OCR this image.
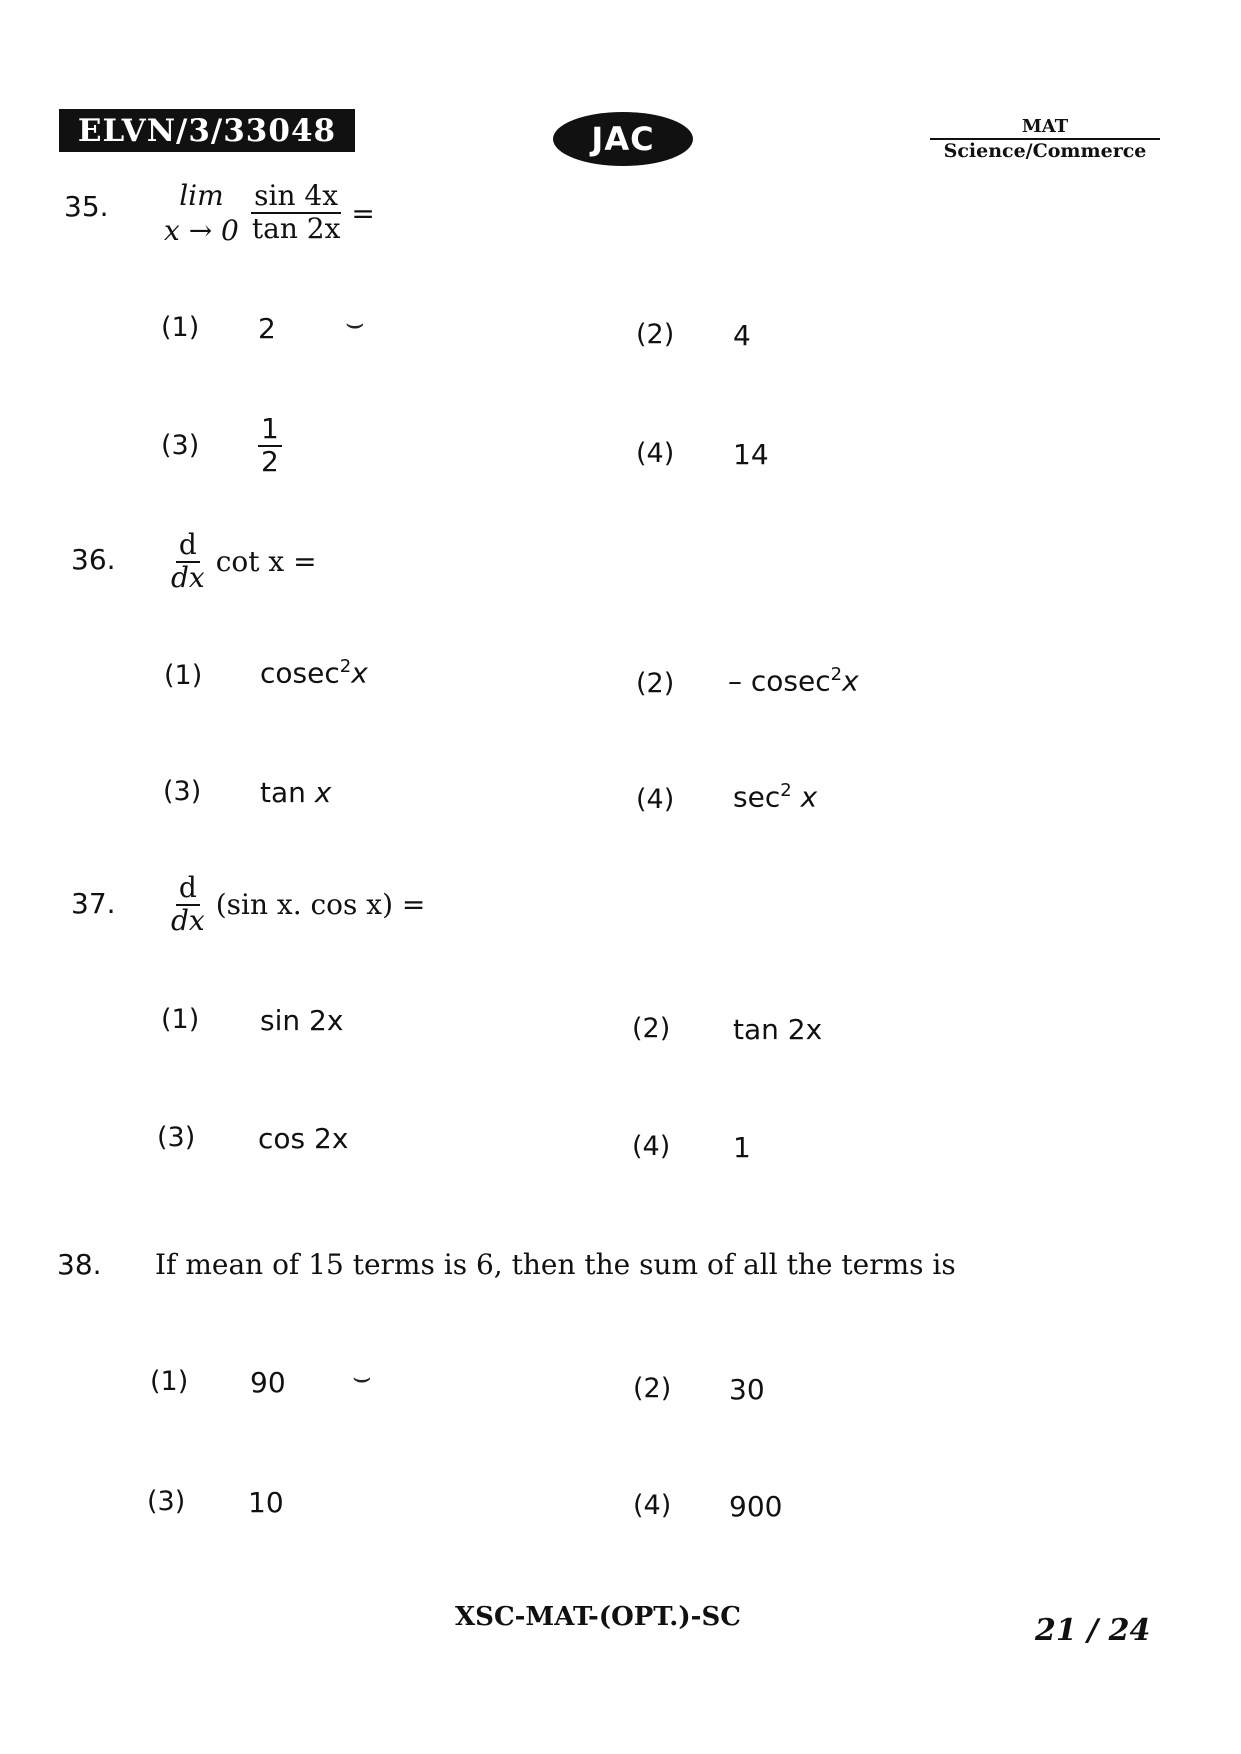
ELVN/3/33048	JAC	MAT
Science/Commerce
35.	lim
$x \to 0 \frac{\sin 4x}{\tan 2x}$ =
(1) 2 ⌣	(2) 4
$(3) \frac{1}{2}$	(4) 14
36. $\frac{d}{dx}$ cot x =
(1) cosec$^2$x	(2) – cosec$^2$x
(3) tan x	(4) $\sec^2 x$
37. $\frac{d}{dx} (\sin$ x. cos x) =
(1) sin 2x	(2) tan 2x
(3) cos 2x	(4) 1
38. If mean of 15 terms is 6, then the sum of all the terms is
(1) 90 ⌣	(2) 30
(3) 10	(4) 900
XSC-MAT-(OPT.)-SC	21 / 24
